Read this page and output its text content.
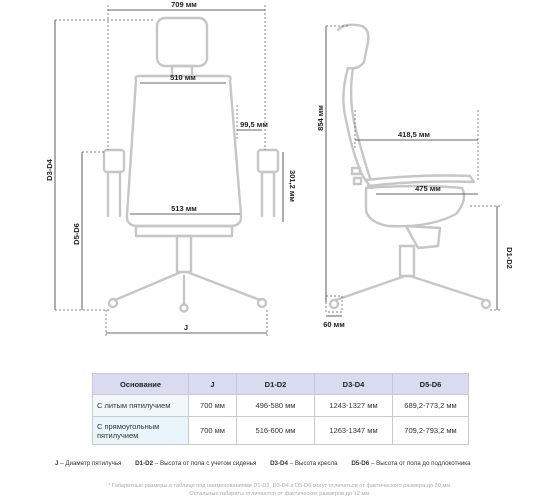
709 мм
510 мм
99,5 мм
513 мм
301,2 мм
D3-D4
D5-D6
J
854 мм
418,5 мм
475 мм
D1-D2
60 мм
Основание	J	D1-D2	D3-D4	D5-D6
С литым пятилучием	700 мм	496-580 мм	1243-1327 мм	689,2-773,2 мм
С прямоугольным пятилучием	700 мм	516-600 мм	1263-1347 мм	709,2-793,2 мм
J – Диаметр пятилучья D1-D2 – Высота от пола с учетом сиденья D3-D4 – Высота кресла D5-D6 – Высота от пола до подлокотника
* Габаритные размеры в таблице под наименованиями D1-D2, D3-D4 и D5-D6 могут отличаться от фактического размера до 30 мм.
Остальные габариты отличаются от фактических размеров до 12 мм.
